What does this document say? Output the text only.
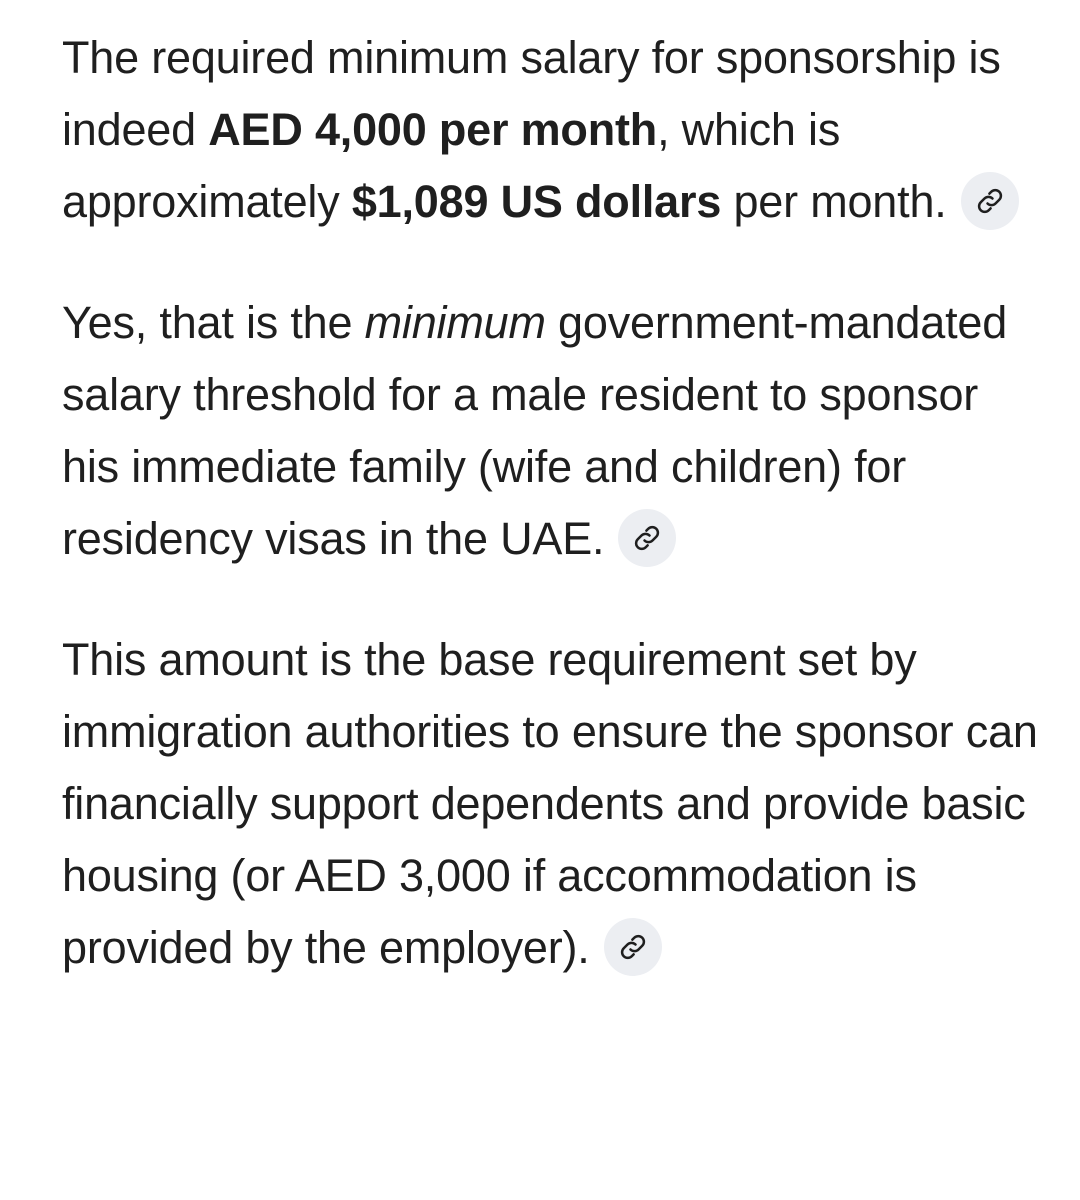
The required minimum salary for sponsorship is indeed AED 4,000 per month, which is approximately $1,089 US dollars per month.

Yes, that is the minimum government-mandated salary threshold for a male resident to sponsor his immediate family (wife and children) for residency visas in the UAE.

This amount is the base requirement set by immigration authorities to ensure the sponsor can financially support dependents and provide basic housing (or AED 3,000 if accommodation is provided by the employer).
